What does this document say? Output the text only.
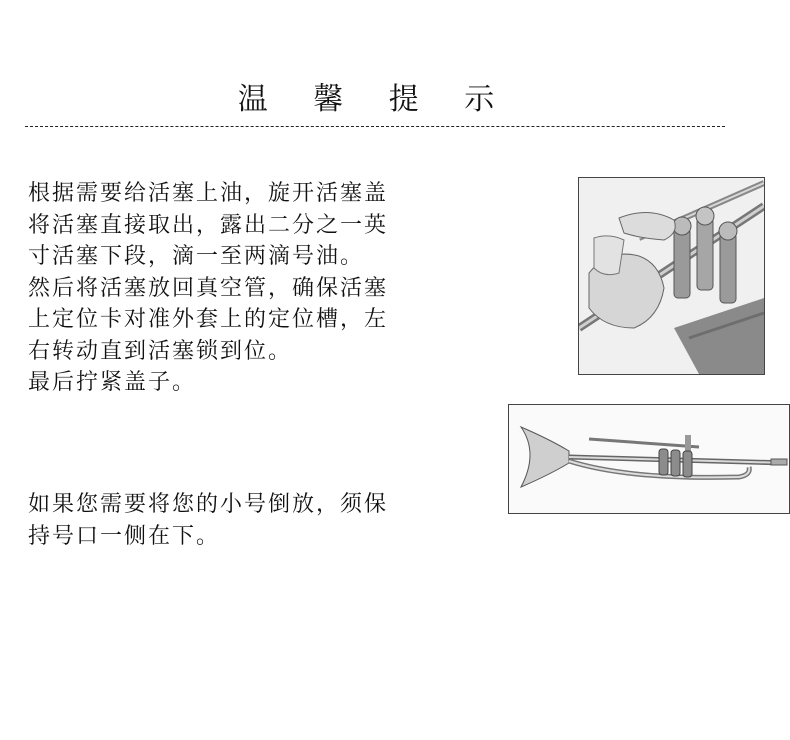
温 馨 提 示

根据需要给活塞上油，旋开活塞盖

将活塞直接取出，露出二分之一英

寸活塞下段，滴一至两滴号油。

然后将活塞放回真空管，确保活塞

上定位卡对准外套上的定位槽，左

右转动直到活塞锁到位。

最后拧紧盖子。

如果您需要将您的小号倒放，须保

持号口一侧在下。
